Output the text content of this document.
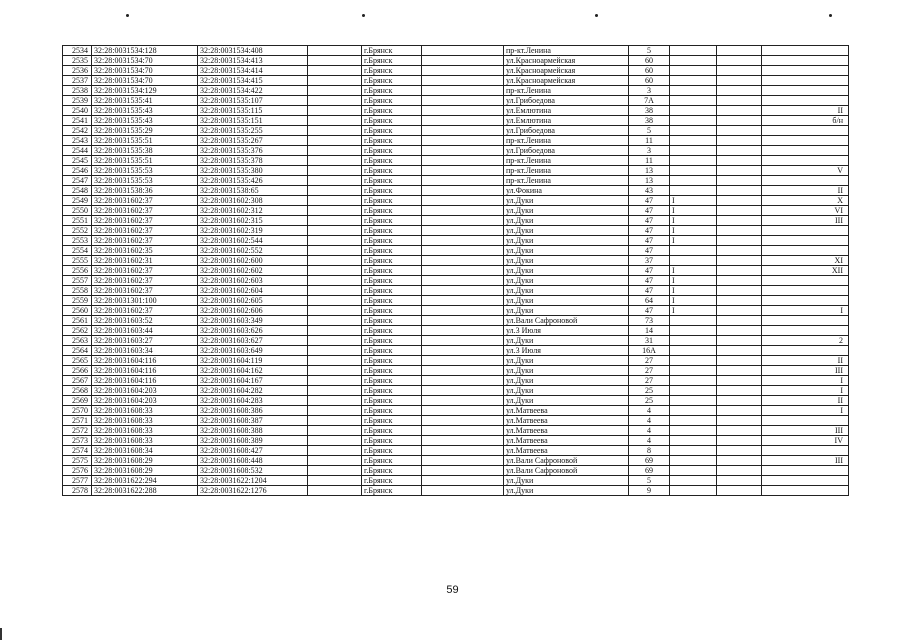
2534	32:28:0031534:128	32:28:0031534:408		г.Брянск		пр-кт.Ленина	5			
2535	32:28:0031534:70	32:28:0031534:413		г.Брянск		ул.Красноармейская	60			
2536	32:28:0031534:70	32:28:0031534:414		г.Брянск		ул.Красноармейская	60			
2537	32:28:0031534:70	32:28:0031534:415		г.Брянск		ул.Красноармейская	60			
2538	32:28:0031534:129	32:28:0031534:422		г.Брянск		пр-кт.Ленина	3			
2539	32:28:0031535:41	32:28:0031535:107		г.Брянск		ул.Грибоедова	7А			
2540	32:28:0031535:43	32:28:0031535:115		г.Брянск		ул.Емлютина	38			II
2541	32:28:0031535:43	32:28:0031535:151		г.Брянск		ул.Емлютина	38			б/н
2542	32:28:0031535:29	32:28:0031535:255		г.Брянск		ул.Грибоедова	5			
2543	32:28:0031535:51	32:28:0031535:267		г.Брянск		пр-кт.Ленина	11			
2544	32:28:0031535:38	32:28:0031535:376		г.Брянск		ул.Грибоедова	3			
2545	32:28:0031535:51	32:28:0031535:378		г.Брянск		пр-кт.Ленина	11			
2546	32:28:0031535:53	32:28:0031535:380		г.Брянск		пр-кт.Ленина	13			V
2547	32:28:0031535:53	32:28:0031535:426		г.Брянск		пр-кт.Ленина	13			
2548	32:28:0031538:36	32:28:0031538:65		г.Брянск		ул.Фокина	43			II
2549	32:28:0031602:37	32:28:0031602:308		г.Брянск		ул.Дуки	47	I		X
2550	32:28:0031602:37	32:28:0031602:312		г.Брянск		ул.Дуки	47	I		VI
2551	32:28:0031602:37	32:28:0031602:315		г.Брянск		ул.Дуки	47	I		III
2552	32:28:0031602:37	32:28:0031602:319		г.Брянск		ул.Дуки	47	I		
2553	32:28:0031602:37	32:28:0031602:544		г.Брянск		ул.Дуки	47	I		
2554	32:28:0031602:35	32:28:0031602:552		г.Брянск		ул.Дуки	47			
2555	32:28:0031602:31	32:28:0031602:600		г.Брянск		ул.Дуки	37			XI
2556	32:28:0031602:37	32:28:0031602:602		г.Брянск		ул.Дуки	47	I		XII
2557	32:28:0031602:37	32:28:0031602:603		г.Брянск		ул.Дуки	47	I		
2558	32:28:0031602:37	32:28:0031602:604		г.Брянск		ул.Дуки	47	I		
2559	32:28:0031301:100	32:28:0031602:605		г.Брянск		ул.Дуки	64	I		
2560	32:28:0031602:37	32:28:0031602:606		г.Брянск		ул.Дуки	47	I		I
2561	32:28:0031603:52	32:28:0031603:349		г.Брянск		ул.Вали Сафроновой	73			
2562	32:28:0031603:44	32:28:0031603:626		г.Брянск		ул.3 Июля	14			
2563	32:28:0031603:27	32:28:0031603:627		г.Брянск		ул.Дуки	31			2
2564	32:28:0031603:34	32:28:0031603:649		г.Брянск		ул.3 Июля	16А			
2565	32:28:0031604:116	32:28:0031604:119		г.Брянск		ул.Дуки	27			II
2566	32:28:0031604:116	32:28:0031604:162		г.Брянск		ул.Дуки	27			III
2567	32:28:0031604:116	32:28:0031604:167		г.Брянск		ул.Дуки	27			I
2568	32:28:0031604:203	32:28:0031604:282		г.Брянск		ул.Дуки	25			I
2569	32:28:0031604:203	32:28:0031604:283		г.Брянск		ул.Дуки	25			II
2570	32:28:0031608:33	32:28:0031608:386		г.Брянск		ул.Матвеева	4			I
2571	32:28:0031608:33	32:28:0031608:387		г.Брянск		ул.Матвеева	4			
2572	32:28:0031608:33	32:28:0031608:388		г.Брянск		ул.Матвеева	4			III
2573	32:28:0031608:33	32:28:0031608:389		г.Брянск		ул.Матвеева	4			IV
2574	32:28:0031608:34	32:28:0031608:427		г.Брянск		ул.Матвеева	8			
2575	32:28:0031608:29	32:28:0031608:448		г.Брянск		ул.Вали Сафроновой	69			III
2576	32:28:0031608:29	32:28:0031608:532		г.Брянск		ул.Вали Сафроновой	69			
2577	32:28:0031622:294	32:28:0031622:1204		г.Брянск		ул.Дуки	5			
2578	32:28:0031622:288	32:28:0031622:1276		г.Брянск		ул.Дуки	9			
59
